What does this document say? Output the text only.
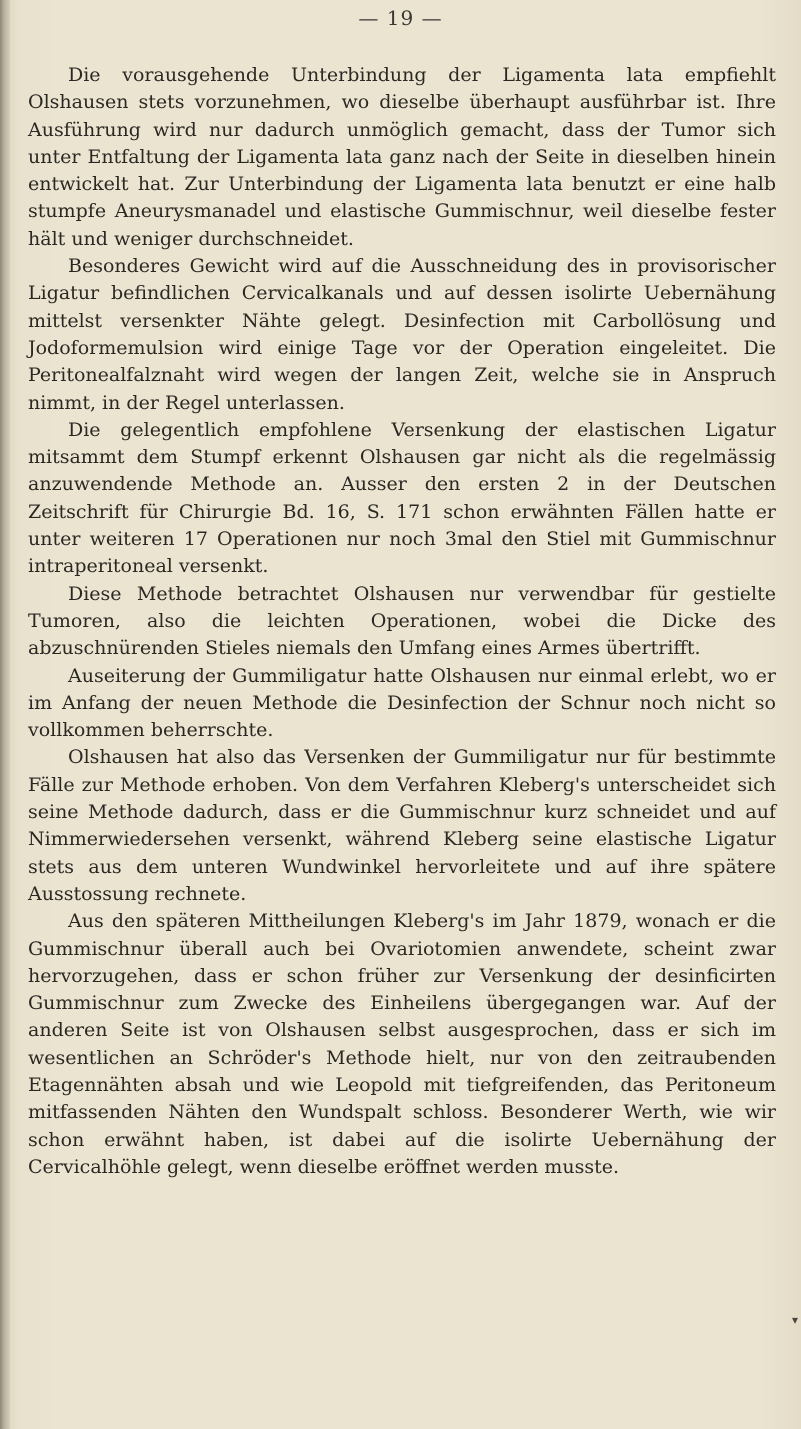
— 19 —

Die vorausgehende Unterbindung der Ligamenta lata empfiehlt Olshausen stets vorzunehmen, wo dieselbe überhaupt ausführbar ist. Ihre Ausführung wird nur dadurch unmöglich gemacht, dass der Tumor sich unter Entfaltung der Ligamenta lata ganz nach der Seite in dieselben hinein entwickelt hat. Zur Unterbindung der Ligamenta lata benutzt er eine halb stumpfe Aneurysmanadel und elastische Gummischnur, weil dieselbe fester hält und weniger durchschneidet.

Besonderes Gewicht wird auf die Ausschneidung des in provisorischer Ligatur befindlichen Cervicalkanals und auf dessen isolirte Uebernähung mittelst versenkter Nähte gelegt. Desinfection mit Carbollösung und Jodoformemulsion wird einige Tage vor der Operation eingeleitet. Die Peritonealfalznaht wird wegen der langen Zeit, welche sie in Anspruch nimmt, in der Regel unterlassen.

Die gelegentlich empfohlene Versenkung der elastischen Ligatur mitsammt dem Stumpf erkennt Olshausen gar nicht als die regelmässig anzuwendende Methode an. Ausser den ersten 2 in der Deutschen Zeitschrift für Chirurgie Bd. 16, S. 171 schon erwähnten Fällen hatte er unter weiteren 17 Operationen nur noch 3mal den Stiel mit Gummischnur intraperitoneal versenkt.

Diese Methode betrachtet Olshausen nur verwendbar für gestielte Tumoren, also die leichten Operationen, wobei die Dicke des abzuschnürenden Stieles niemals den Umfang eines Armes übertrifft.

Auseiterung der Gummiligatur hatte Olshausen nur einmal erlebt, wo er im Anfang der neuen Methode die Desinfection der Schnur noch nicht so vollkommen beherrschte.

Olshausen hat also das Versenken der Gummiligatur nur für bestimmte Fälle zur Methode erhoben. Von dem Verfahren Kleberg's unterscheidet sich seine Methode dadurch, dass er die Gummischnur kurz schneidet und auf Nimmerwiedersehen versenkt, während Kleberg seine elastische Ligatur stets aus dem unteren Wundwinkel hervorleitete und auf ihre spätere Ausstossung rechnete.

Aus den späteren Mittheilungen Kleberg's im Jahr 1879, wonach er die Gummischnur überall auch bei Ovariotomien anwendete, scheint zwar hervorzugehen, dass er schon früher zur Versenkung der desinficirten Gummischnur zum Zwecke des Einheilens übergegangen war. Auf der anderen Seite ist von Olshausen selbst ausgesprochen, dass er sich im wesentlichen an Schröder's Methode hielt, nur von den zeitraubenden Etagennähten absah und wie Leopold mit tiefgreifenden, das Peritoneum mitfassenden Nähten den Wundspalt schloss. Besonderer Werth, wie wir schon erwähnt haben, ist dabei auf die isolirte Uebernähung der Cervicalhöhle gelegt, wenn dieselbe eröffnet werden musste.

▾
